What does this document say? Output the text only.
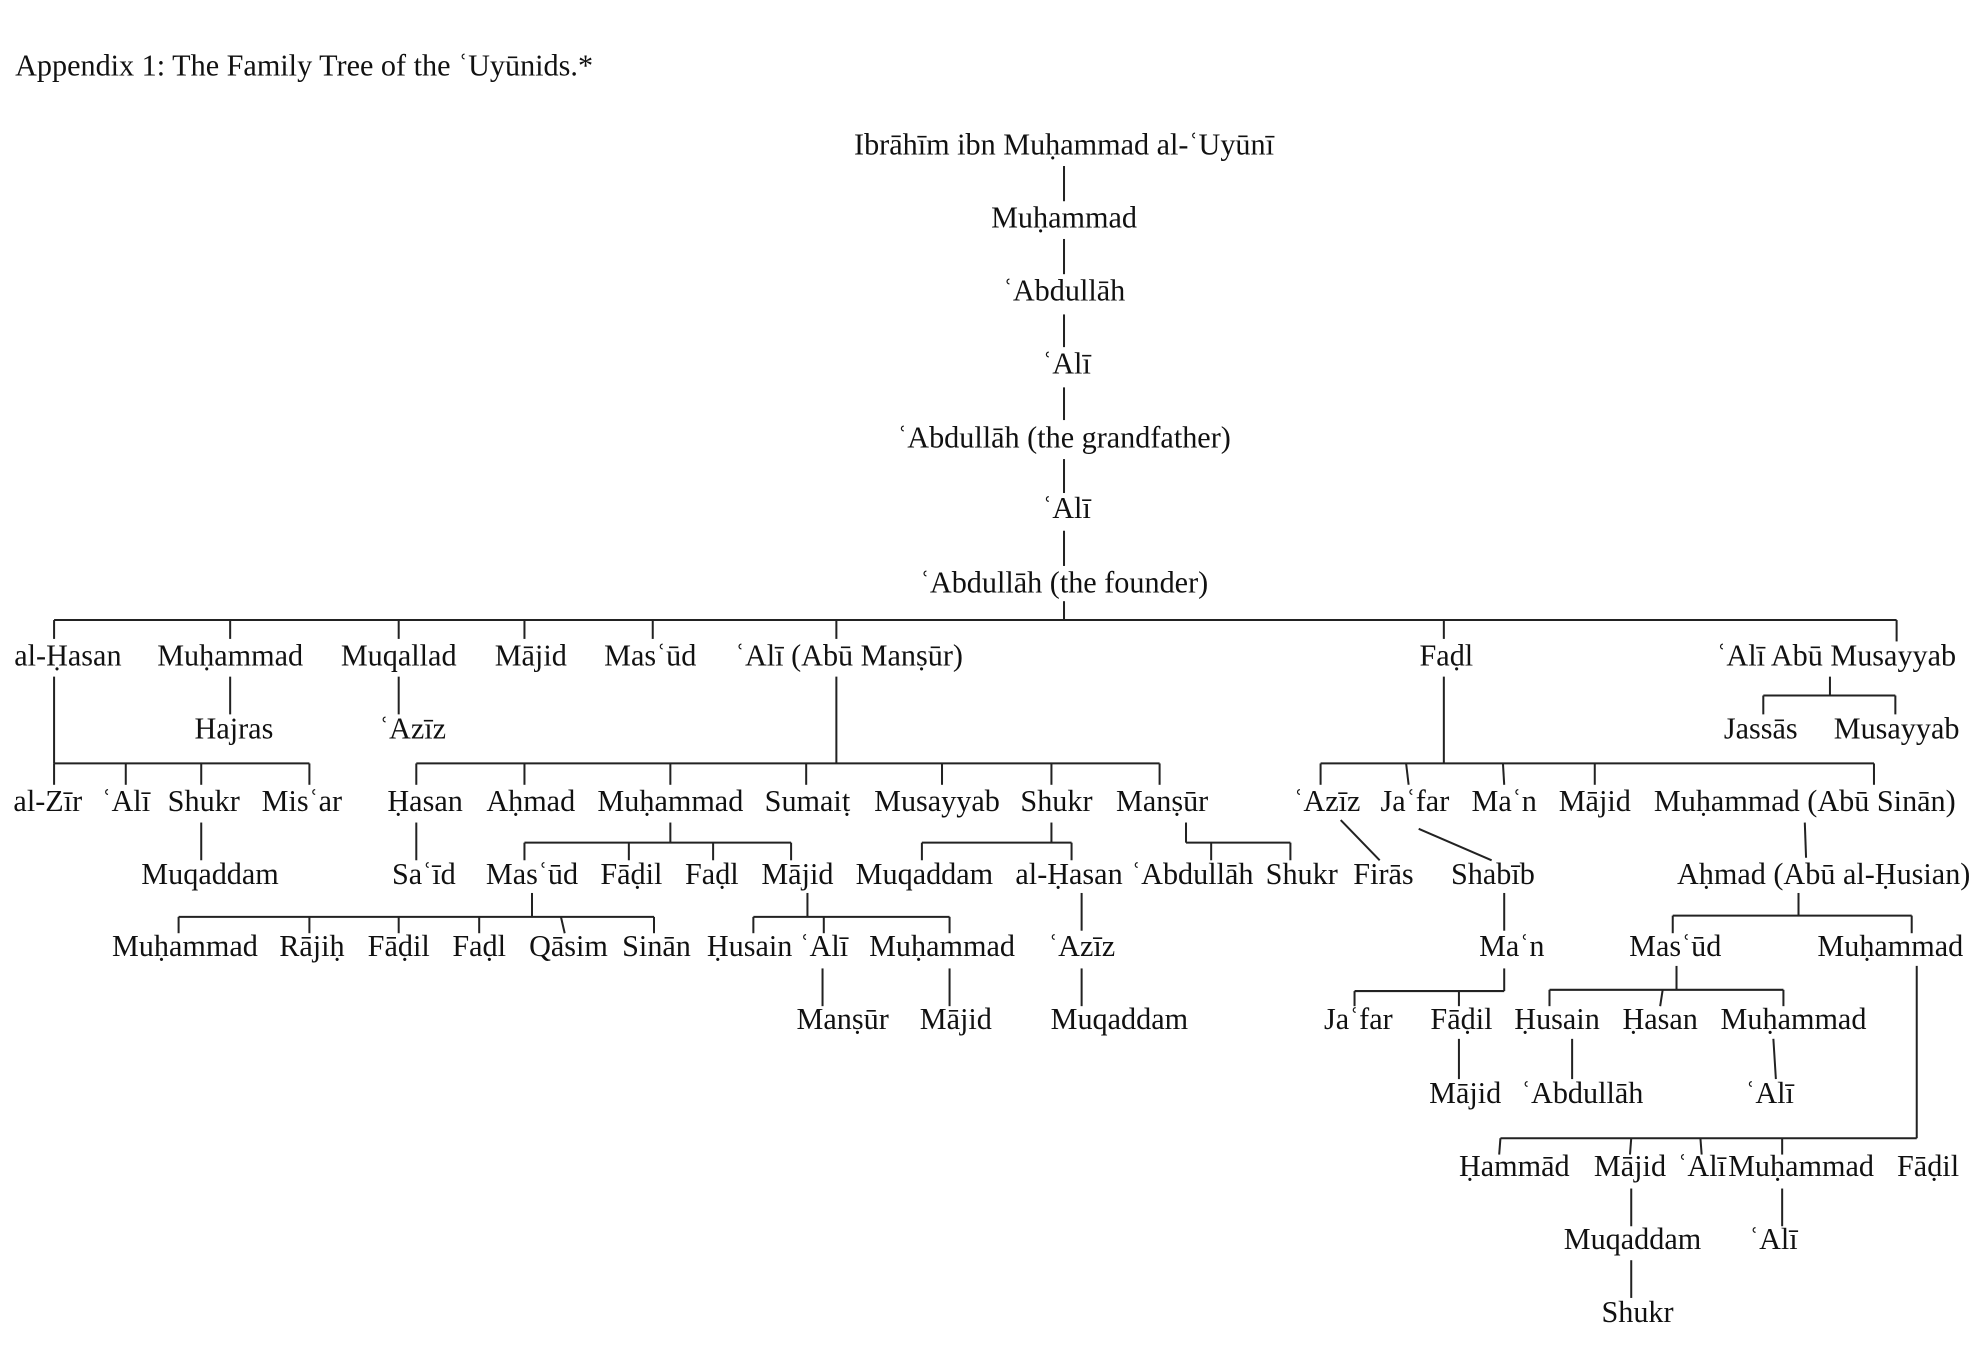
Appendix 1: The Family Tree of the ʿUyūnids.*
Ibrāhīm ibn Muḥammad al-ʿUyūnī
Muḥammad
ʿAbdullāh
ʿAlī
ʿAbdullāh (the grandfather)
ʿAlī
ʿAbdullāh (the founder)
al-Ḥasan Muḥammad Muqallad Mājid Masʿūd ʿAlī (Abū Manṣūr)	Faḍl	ʿAlī Abū Musayyab
Hajras	ʿAzīz	Jassās Musayyab
al-Zīr ʿAlī Shukr Misʿar Ḥasan Aḥmad Muḥammad Sumaiṭ Musayyab Shukr Manṣūr	ʿAzīz Jaʿfar Maʿn Mājid Muḥammad (Abū Sinān)
Muqaddam	Saʿīd Masʿūd Fāḍil Faḍl Mājid Muqaddam al-Ḥasan ʿAbdullāh Shukr Firās Shabīb	Aḥmad (Abū al-Ḥusian)
Muḥammad Rājiḥ Fāḍil Faḍl Qāsim Sinān Ḥusain ʿAlī Muḥammad ʿAzīz	Maʿn	Masʿūd	Muḥammad
Manṣūr Mājid Muqaddam	Jaʿfar Fāḍil Ḥusain Ḥasan Muḥammad
Mājid ʿAbdullāh	ʿAlī
Ḥammād Mājid ʿAlī Muḥammad Fāḍil
Muqaddam ʿAlī
Shukr
